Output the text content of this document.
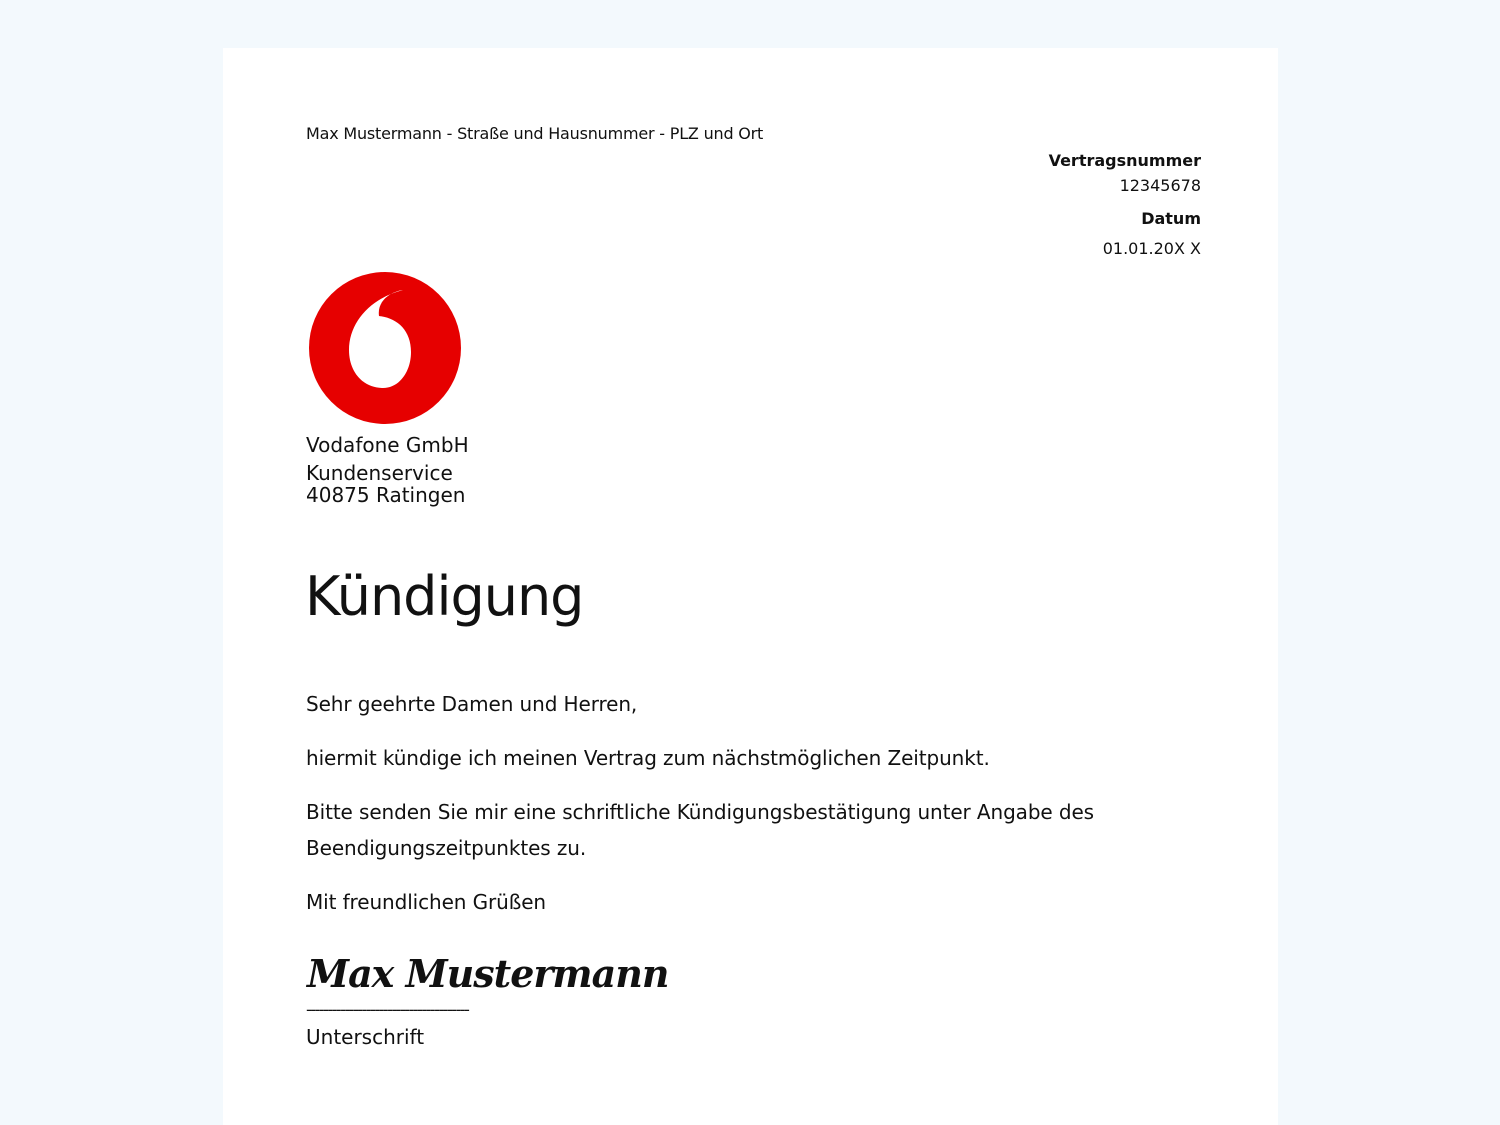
Max Mustermann - Straße und Hausnummer - PLZ und Ort
Vertragsnummer
12345678
Datum
01.01.20X X
Vodafone GmbH
Kundenservice
40875 Ratingen
Kündigung

Sehr geehrte Damen und Herren,

hiermit kündige ich meinen Vertrag zum nächstmöglichen Zeitpunkt.

Bitte senden Sie mir eine schriftliche Kündigungsbestätigung unter Angabe des Beendigungszeitpunktes zu.

Mit freundlichen Grüßen

Max Mustermann
--------------------------------------
Unterschrift
